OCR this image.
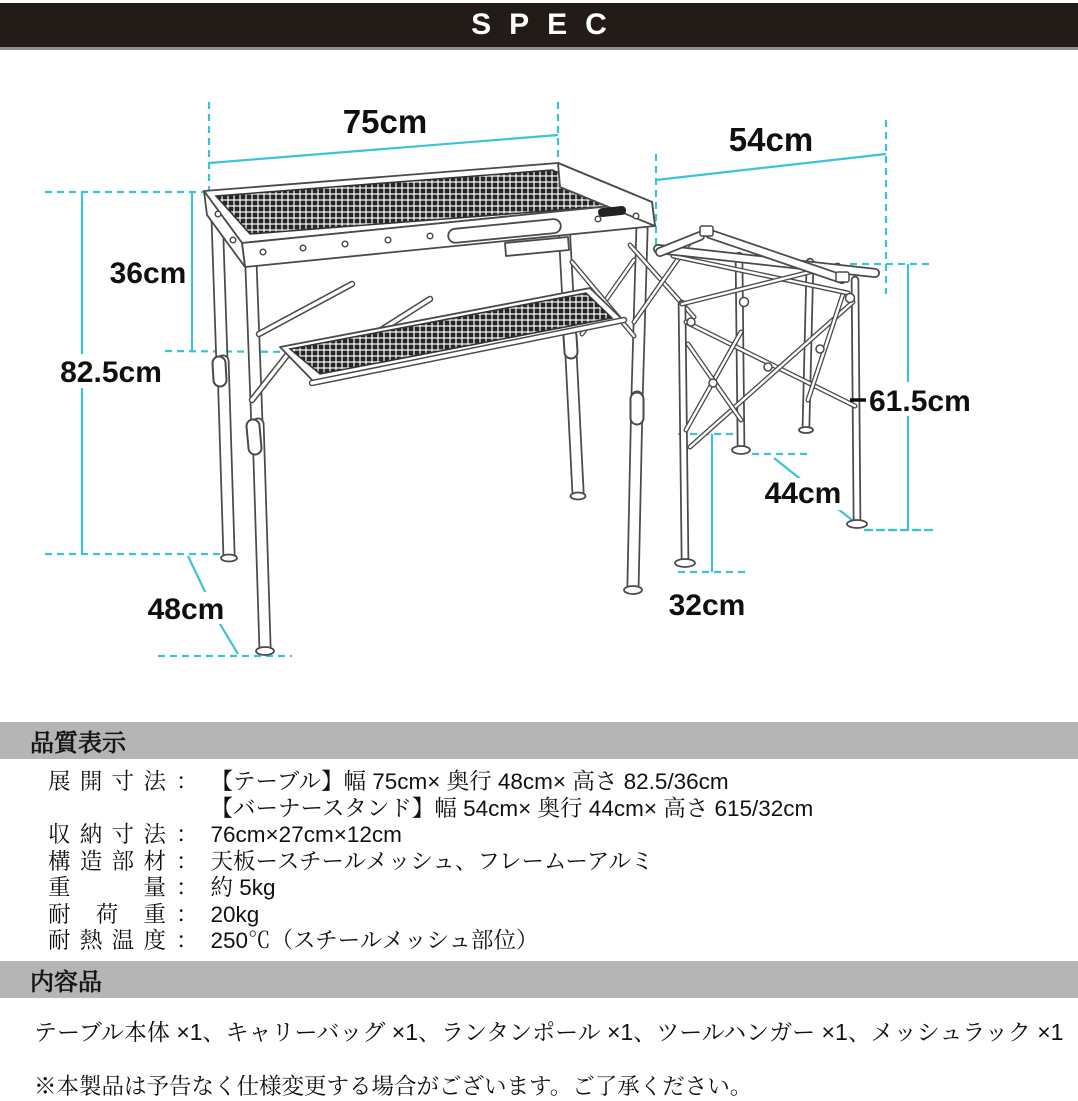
SPEC
75cm	54cm
36cm
82.5cm
48cm
61.5cm
44cm
32cm
品質表示
展開寸法 ： 【テーブル】幅 75cm× 奥行 48cm× 高さ 82.5/36cm
【バーナースタンド】幅 54cm× 奥行 44cm× 高さ 615/32cm
収納寸法 ： 76cm×27cm×12cm
構造部材 ： 天板ースチールメッシュ、フレームーアルミ
重量 ： 約 5kg
耐荷重 ： 20kg
耐熱温度 ： 250℃（スチールメッシュ部位）
内容品

テーブル本体 ×1、キャリーバッグ ×1、ランタンポール ×1、ツールハンガー ×1、メッシュラック ×1

※本製品は予告なく仕様変更する場合がございます。ご了承ください。
